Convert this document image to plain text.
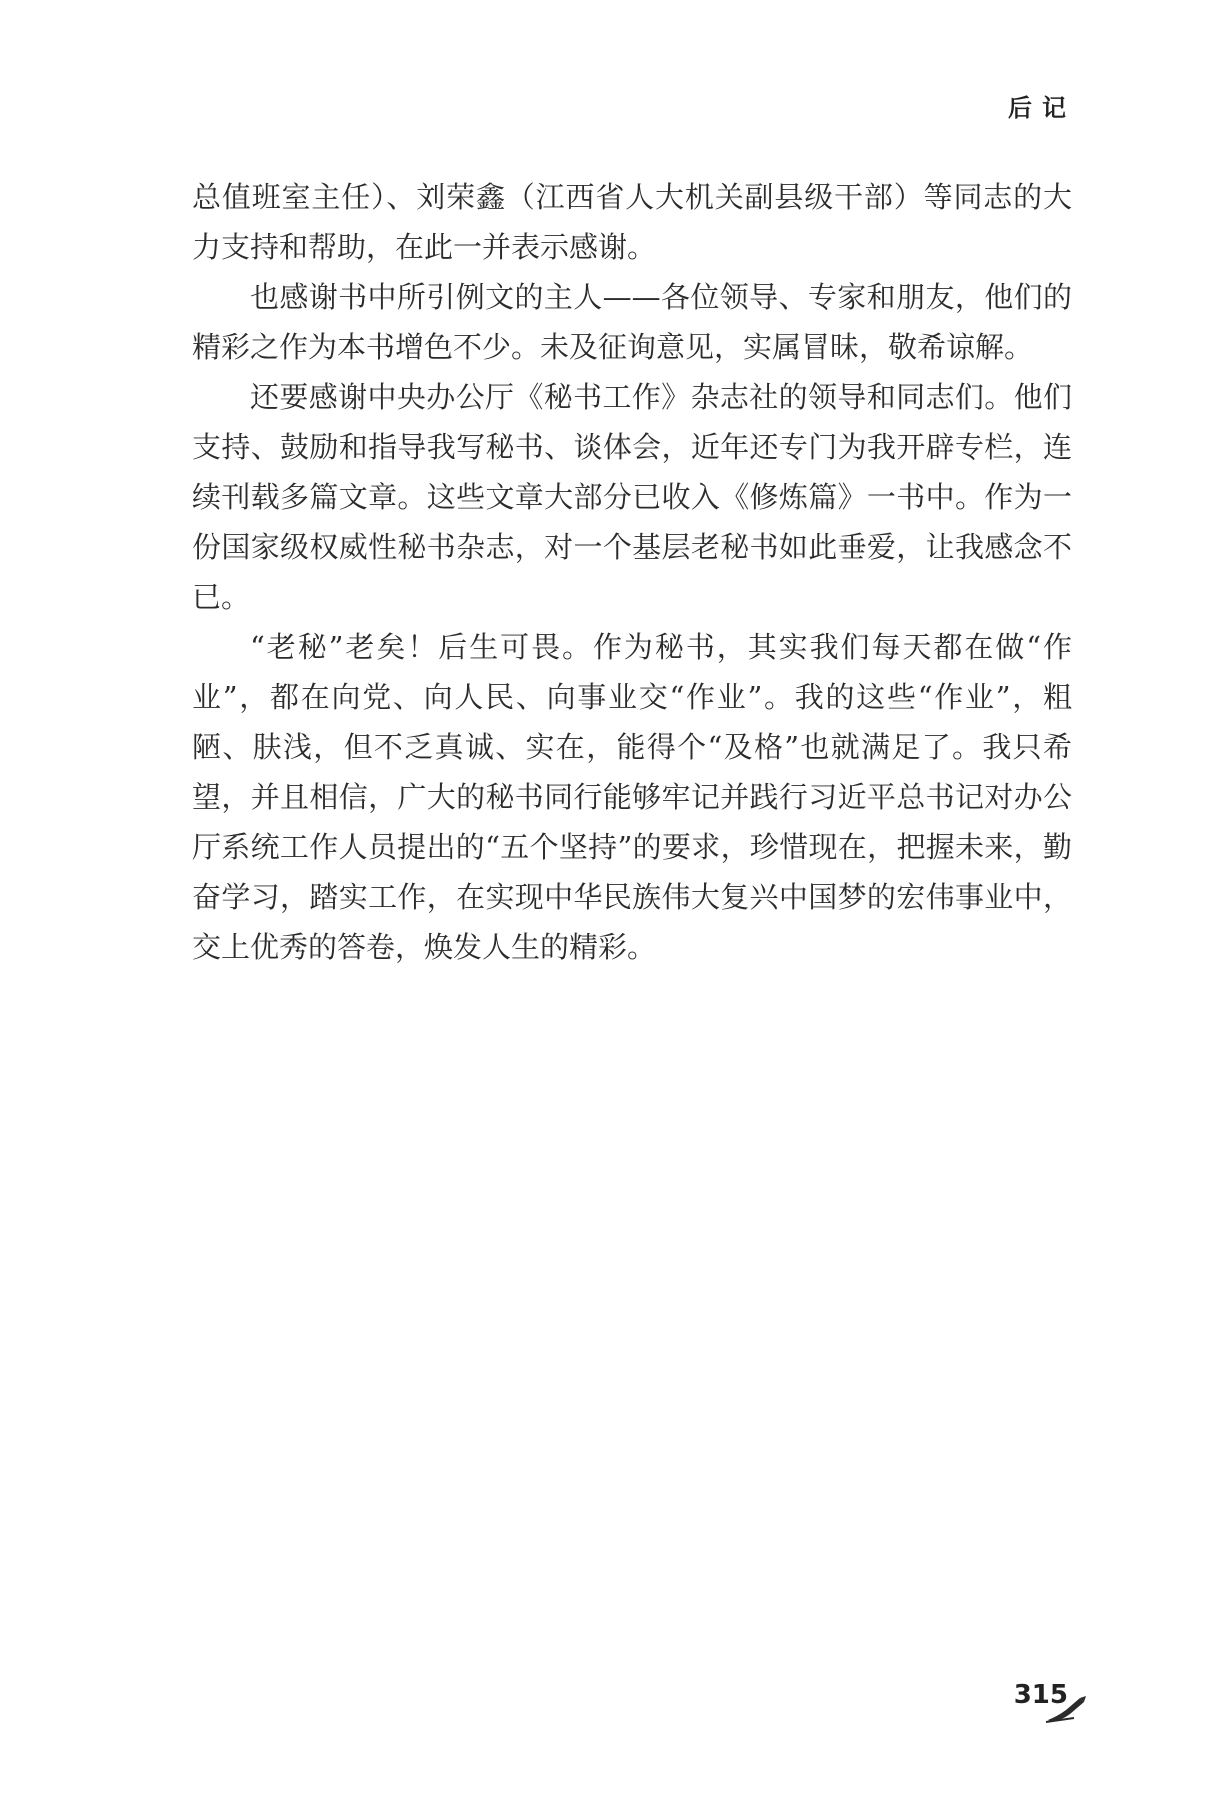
后记

总值班室主任）、刘荣鑫（江西省人大机关副县级干部）等同志的大力支持和帮助，在此一并表示感谢。

也感谢书中所引例文的主人——各位领导、专家和朋友，他们的精彩之作为本书增色不少。未及征询意见，实属冒昧，敬希谅解。

还要感谢中央办公厅《秘书工作》杂志社的领导和同志们。他们支持、鼓励和指导我写秘书、谈体会，近年还专门为我开辟专栏，连续刊载多篇文章。这些文章大部分已收入《修炼篇》一书中。作为一份国家级权威性秘书杂志，对一个基层老秘书如此垂爱，让我感念不已。

“老秘”老矣！后生可畏。作为秘书，其实我们每天都在做“作业”，都在向党、向人民、向事业交“作业”。我的这些“作业”，粗陋、肤浅，但不乏真诚、实在，能得个“及格”也就满足了。我只希望，并且相信，广大的秘书同行能够牢记并践行习近平总书记对办公厅系统工作人员提出的“五个坚持”的要求，珍惜现在，把握未来，勤奋学习，踏实工作，在实现中华民族伟大复兴中国梦的宏伟事业中，交上优秀的答卷，焕发人生的精彩。

315
